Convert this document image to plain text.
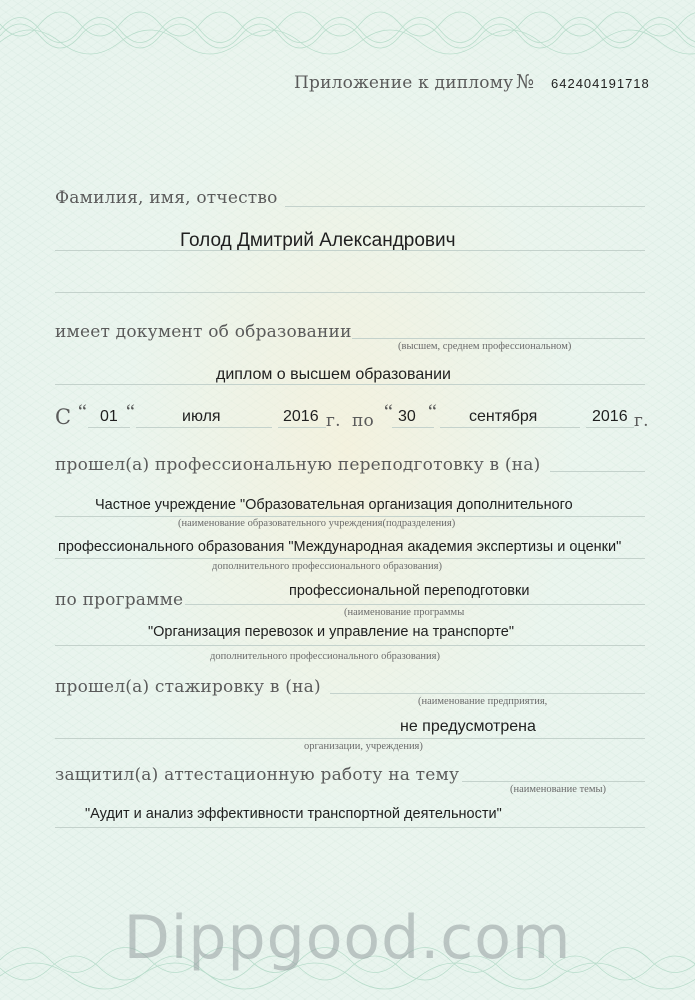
Приложение к диплому № 642404191718
Фамилия, имя, отчество
Голод Дмитрий Александрович
имеет документ об образовании
(высшем, среднем профессиональном)
диплом о высшем образовании
С “ 01 “	июля	2016 г. по “ 30 “ сентября	2016 г.
прошел(а) профессиональную переподготовку в (на)
Частное учреждение "Образовательная организация дополнительного
(наименование образовательного учреждения(подразделения)
профессионального образования "Международная академия экспертизы и оценки"
дополнительного профессионального образования)
по программе	профессиональной переподготовки
(наименование программы
"Организация перевозок и управление на транспорте"
дополнительного профессионального образования)
прошел(а) стажировку в (на)
(наименование предприятия,
не предусмотрена
организации, учреждения)
защитил(а) аттестационную работу на тему
(наименование темы)
"Аудит и анализ эффективности транспортной деятельности"
Dippgood.com
